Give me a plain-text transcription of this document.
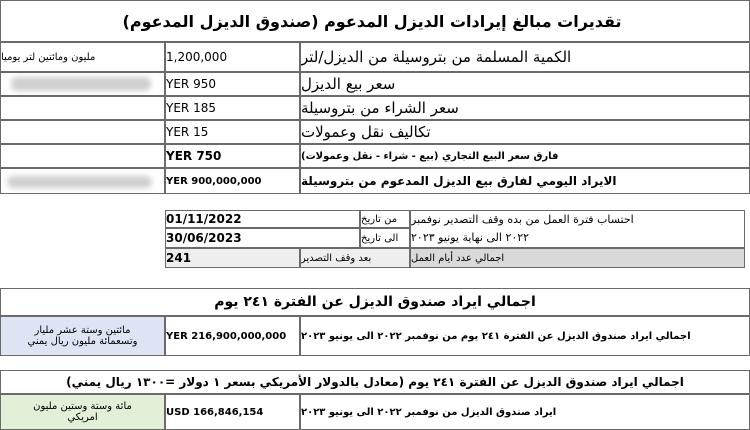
تقديرات مبالغ إيرادات الديزل المدعوم (صندوق الديزل المدعوم)
الكمية المسلمة من بتروسيلة من الديزل/لتر
1,200,000
مليون ومائتين لتر يوميا
سعر بيع الديزل
950 YER
سعر الشراء من بتروسيلة
185 YER
تكاليف نقل وعمولات
15 YER
فارق سعر البيع التجاري (بيع - شراء - نقل وعمولات)
750 YER
الايراد اليومي لفارق بيع الديزل المدعوم من بتروسيلة
900,000,000 YER
احتساب فترة العمل من بده وقف التصدير نوفمبر
٢٠٢٢ الى نهاية يونيو ٢٠٢٣
من تاريخ
الى تاريخ
01/11/2022
30/06/2023
اجمالي عدد أيام العمل
بعد وقف التصدير
241
اجمالي ايراد صندوق الديزل عن الفترة ٢٤١ يوم
اجمالي ايراد صندوق الديزل عن الفترة ٢٤١ يوم من نوفمبر ٢٠٢٢ الى يونيو ٢٠٢٣
216,900,000,000 YER
مائتين وستة عشر مليار
وتسعمائة مليون ريال يمني
اجمالي ايراد صندوق الديزل عن الفترة ٢٤١ يوم (معادل بالدولار الأمريكي بسعر ١ دولار =١٣٠٠ ريال يمني)
ايراد صندوق الديزل من نوفمبر ٢٠٢٢ الى يونيو ٢٠٢٣
166,846,154 USD
مائة وستة وستين مليون
امريكي
